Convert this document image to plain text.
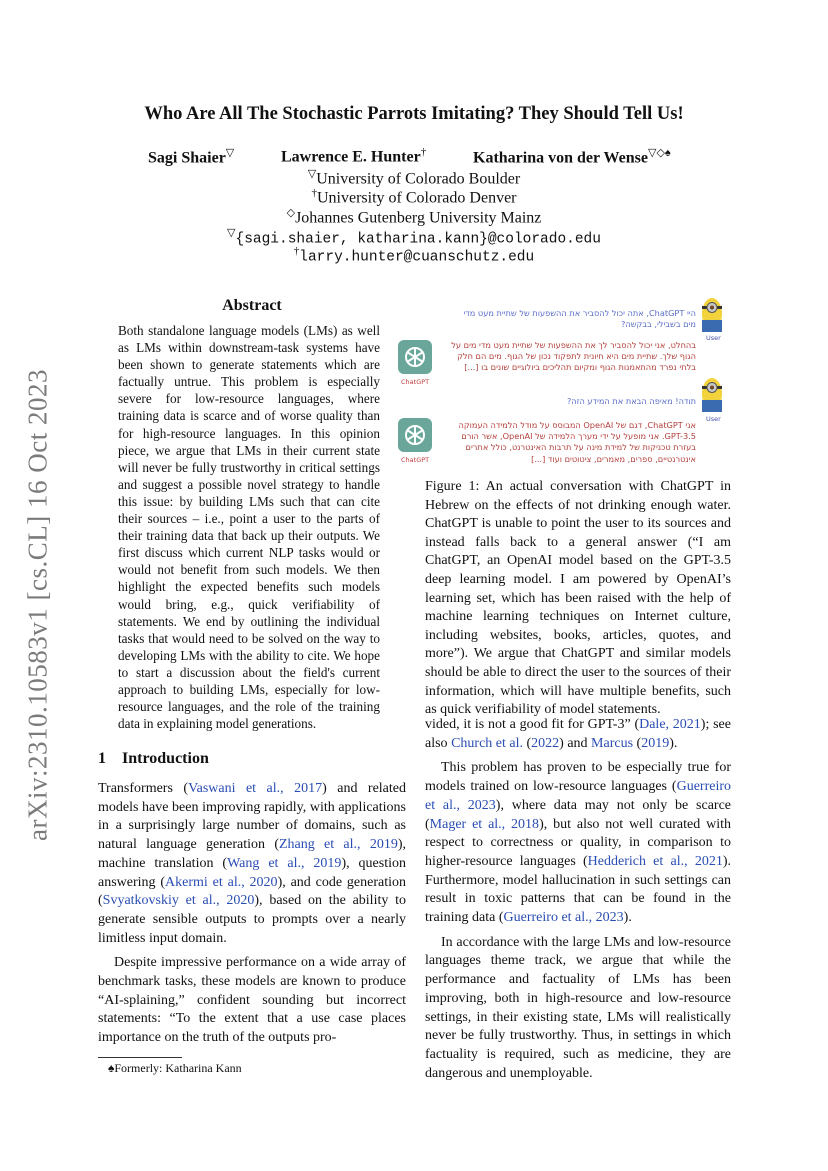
arXiv:2310.10583v1 [cs.CL] 16 Oct 2023
Who Are All The Stochastic Parrots Imitating? They Should Tell Us!
Sagi Shaier▽	Lawrence E. Hunter†	Katharina von der Wense▽◇♠
▽University of Colorado Boulder
†University of Colorado Denver
◇Johannes Gutenberg University Mainz
▽{sagi.shaier, katharina.kann}@colorado.edu
†larry.hunter@cuanschutz.edu
Abstract
Both standalone language models (LMs) as well as LMs within downstream-task systems have been shown to generate statements which are factually untrue. This problem is especially severe for low-resource languages, where training data is scarce and of worse quality than for high-resource languages. In this opinion piece, we argue that LMs in their current state will never be fully trustworthy in critical settings and suggest a possible novel strategy to handle this issue: by building LMs such that can cite their sources – i.e., point a user to the parts of their training data that back up their outputs. We first discuss which current NLP tasks would or would not benefit from such models. We then highlight the expected benefits such models would bring, e.g., quick verifiability of statements. We end by outlining the individual tasks that would need to be solved on the way to developing LMs with the ability to cite. We hope to start a discussion about the field's current approach to building LMs, especially for low-resource languages, and the role of the training data in explaining model generations.
1 Introduction

Transformers (Vaswani et al., 2017) and related models have been improving rapidly, with applications in a surprisingly large number of domains, such as natural language generation (Zhang et al., 2019), machine translation (Wang et al., 2019), question answering (Akermi et al., 2020), and code generation (Svyatkovskiy et al., 2020), based on the ability to generate sensible outputs to prompts over a nearly limitless input domain.

Despite impressive performance on a wide array of benchmark tasks, these models are known to produce “AI-splaining,” confident sounding but incorrect statements: “To the extent that a use case places importance on the truth of the outputs pro-

♠Formerly: Katharina Kann
User
היי ChatGPT, אתה יכול להסביר את ההשפעות של שתיית מעט מדי מים בשבילי, בבקשה?
ChatGPT
בהחלט, אני יכול להסביר לך את ההשפעות של שתיית מעט מדי מים על הגוף שלך. שתיית מים היא חיונית לתפקוד נכון של הגוף. מים הם חלק בלתי נפרד מהתאמנות הגוף ומקיום תהליכים ביולוגיים שונים בו [...]
User
תודה! מאיפה הבאת את המידע הזה?
ChatGPT
אני ChatGPT, דגם של OpenAI המבוסס על מודל הלמידה העמוקה GPT-3.5. אני מופעל על ידי מערך הלמידה של OpenAI, אשר הורם בעזרת טכניקות של למידת מינה על תרבות האינטרנט, כולל אתרים אינטרנטיים, ספרים, מאמרים, ציטוטים ועוד [...]
Figure 1: An actual conversation with ChatGPT in Hebrew on the effects of not drinking enough water. ChatGPT is unable to point the user to its sources and instead falls back to a general answer (“I am ChatGPT, an OpenAI model based on the GPT-3.5 deep learning model. I am powered by OpenAI’s learning set, which has been raised with the help of machine learning techniques on Internet culture, including websites, books, articles, quotes, and more”). We argue that ChatGPT and similar models should be able to direct the user to the sources of their information, which will have multiple benefits, such as quick verifiability of model statements.

vided, it is not a good fit for GPT-3” (Dale, 2021); see also Church et al. (2022) and Marcus (2019).

This problem has proven to be especially true for models trained on low-resource languages (Guerreiro et al., 2023), where data may not only be scarce (Mager et al., 2018), but also not well curated with respect to correctness or quality, in comparison to higher-resource languages (Hedderich et al., 2021). Furthermore, model hallucination in such settings can result in toxic patterns that can be found in the training data (Guerreiro et al., 2023).

In accordance with the large LMs and low-resource languages theme track, we argue that while the performance and factuality of LMs has been improving, both in high-resource and low-resource settings, in their existing state, LMs will realistically never be fully trustworthy. Thus, in settings in which factuality is required, such as medicine, they are dangerous and unemployable.
